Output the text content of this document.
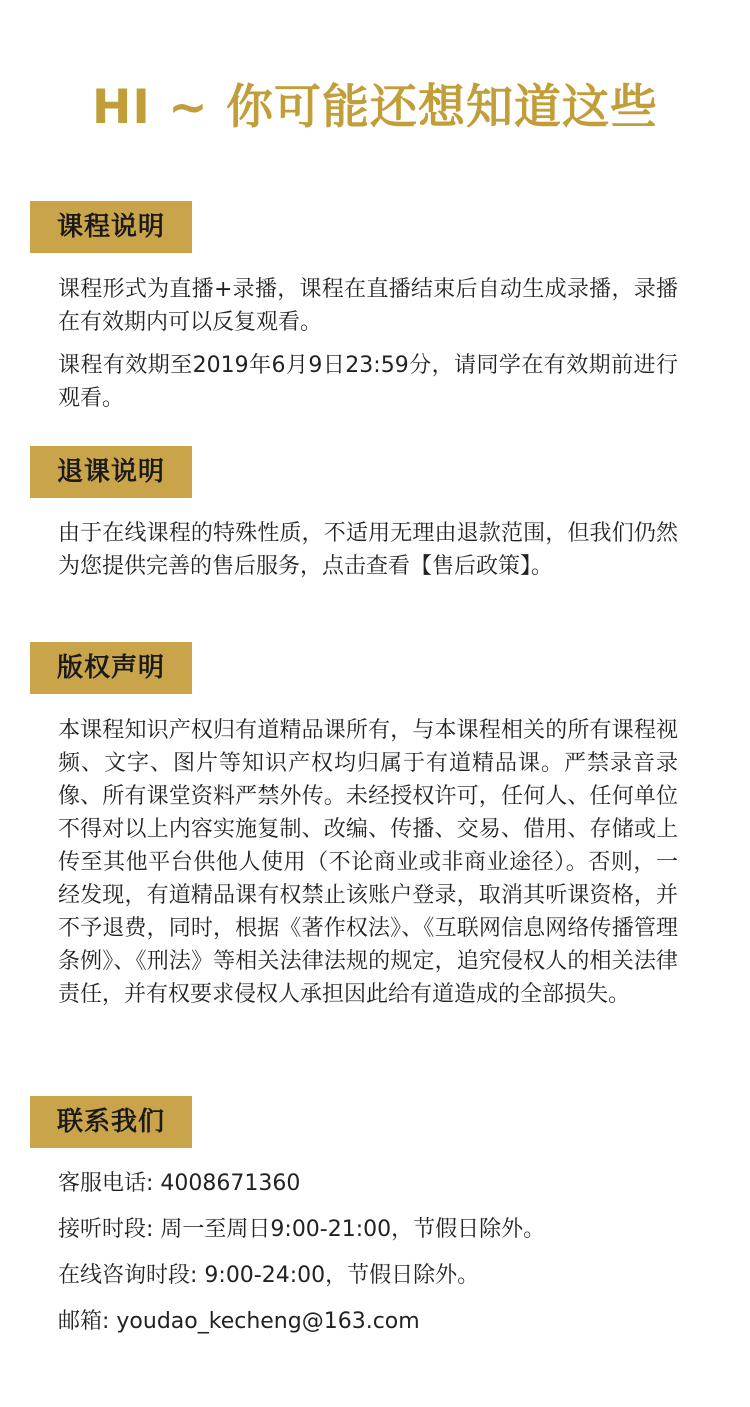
HI ~ 你可能还想知道这些
课程说明

课程形式为直播+录播，课程在直播结束后自动生成录播，录播在有效期内可以反复观看。

课程有效期至2019年6月9日23:59分，请同学在有效期前进行观看。

退课说明

由于在线课程的特殊性质，不适用无理由退款范围，但我们仍然为您提供完善的售后服务，点击查看【售后政策】。

版权声明

本课程知识产权归有道精品课所有，与本课程相关的所有课程视频、文字、图片等知识产权均归属于有道精品课。严禁录音录像、所有课堂资料严禁外传。未经授权许可，任何人、任何单位不得对以上内容实施复制、改编、传播、交易、借用、存储或上传至其他平台供他人使用（不论商业或非商业途径）。否则，一经发现，有道精品课有权禁止该账户登录，取消其听课资格，并不予退费，同时，根据《著作权法》、《互联网信息网络传播管理条例》、《刑法》等相关法律法规的规定，追究侵权人的相关法律责任，并有权要求侵权人承担因此给有道造成的全部损失。

联系我们

客服电话: 4008671360

接听时段: 周一至周日9:00-21:00，节假日除外。

在线咨询时段: 9:00-24:00，节假日除外。

邮箱: youdao_kecheng@163.com
